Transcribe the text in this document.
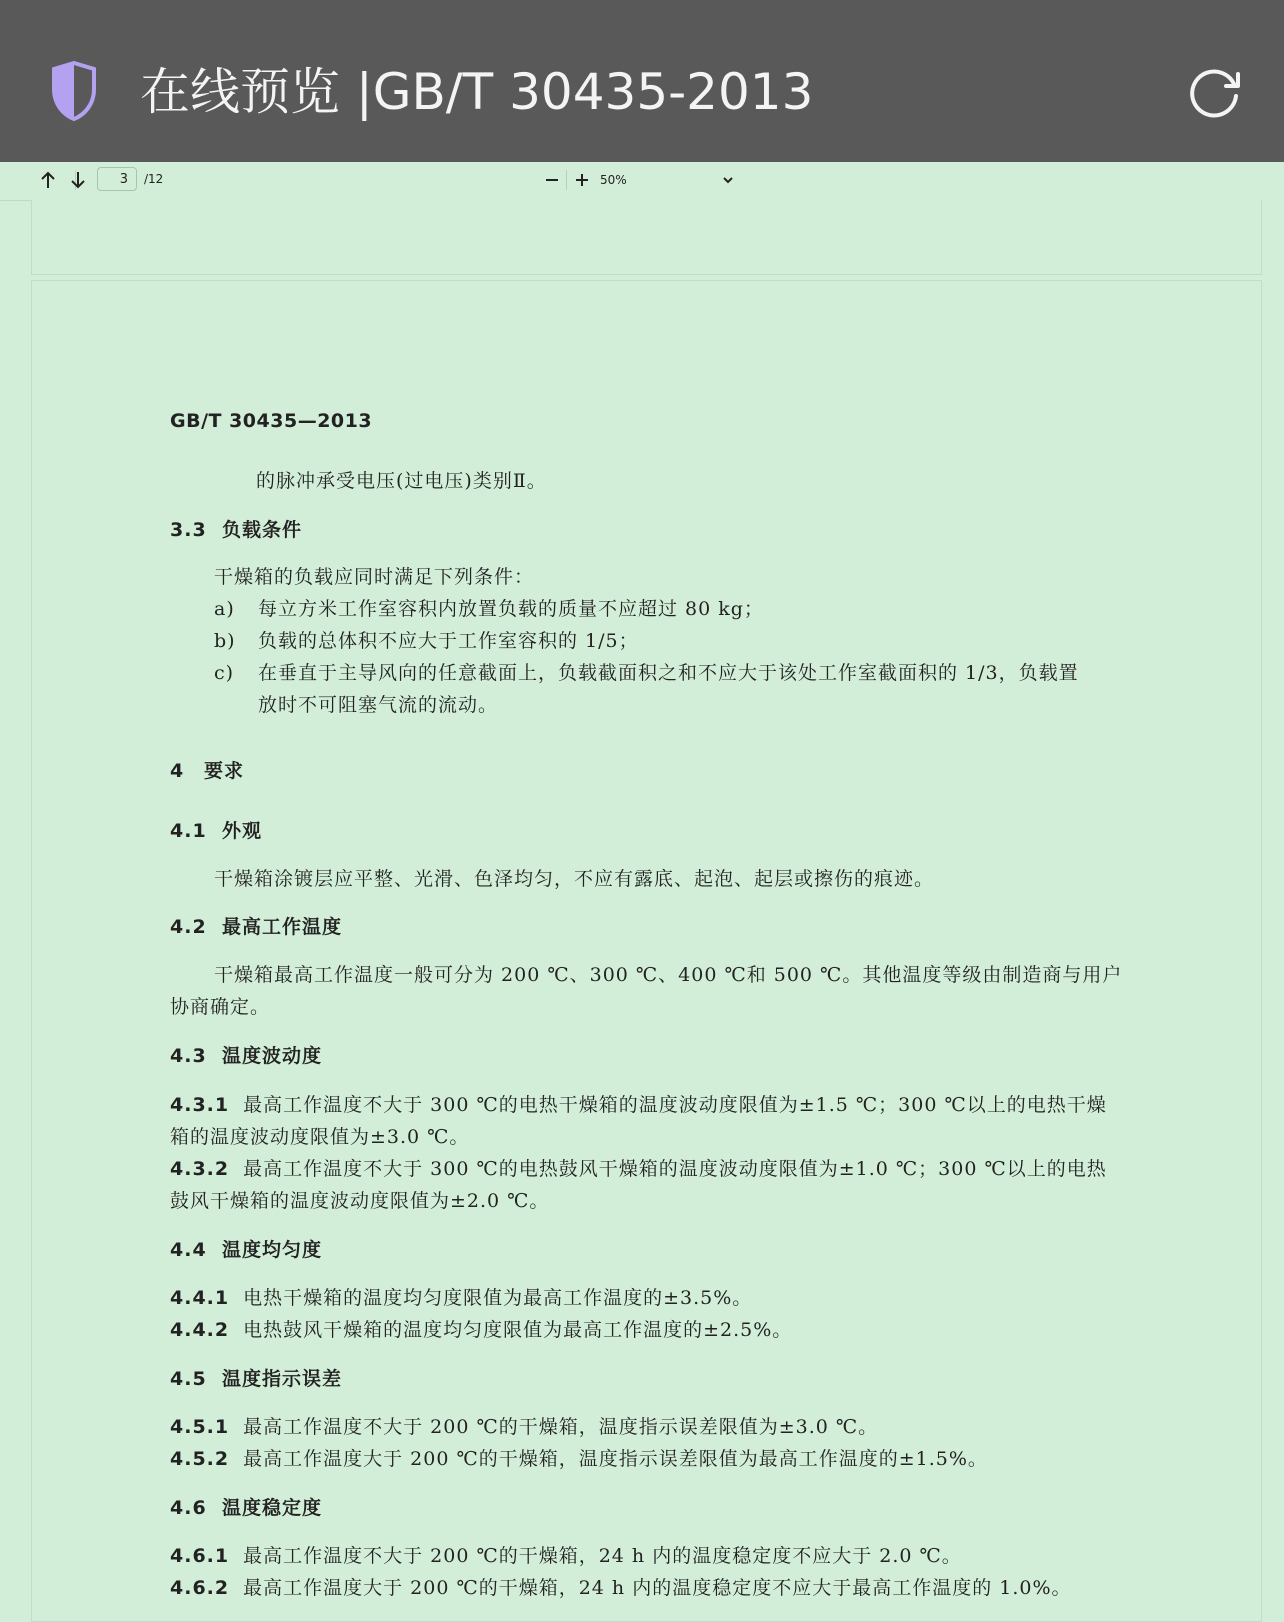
在线预览 |GB/T 30435-2013
3
/12	50%
GB/T 30435—2013
的脉冲承受电压(过电压)类别Ⅱ。
3.3 负载条件
干燥箱的负载应同时满足下列条件：
a) 每立方米工作室容积内放置负载的质量不应超过 80 kg；
b) 负载的总体积不应大于工作室容积的 1/5；
c) 在垂直于主导风向的任意截面上，负载截面积之和不应大于该处工作室截面积的 1/3，负载置
放时不可阻塞气流的流动。
4 要求
4.1 外观
干燥箱涂镀层应平整、光滑、色泽均匀，不应有露底、起泡、起层或擦伤的痕迹。
4.2 最高工作温度
干燥箱最高工作温度一般可分为 200 ℃、300 ℃、400 ℃和 500 ℃。其他温度等级由制造商与用户
协商确定。
4.3 温度波动度
4.3.1 最高工作温度不大于 300 ℃的电热干燥箱的温度波动度限值为±1.5 ℃；300 ℃以上的电热干燥
箱的温度波动度限值为±3.0 ℃。
4.3.2 最高工作温度不大于 300 ℃的电热鼓风干燥箱的温度波动度限值为±1.0 ℃；300 ℃以上的电热
鼓风干燥箱的温度波动度限值为±2.0 ℃。
4.4 温度均匀度
4.4.1 电热干燥箱的温度均匀度限值为最高工作温度的±3.5%。
4.4.2 电热鼓风干燥箱的温度均匀度限值为最高工作温度的±2.5%。
4.5 温度指示误差
4.5.1 最高工作温度不大于 200 ℃的干燥箱，温度指示误差限值为±3.0 ℃。
4.5.2 最高工作温度大于 200 ℃的干燥箱，温度指示误差限值为最高工作温度的±1.5%。
4.6 温度稳定度
4.6.1 最高工作温度不大于 200 ℃的干燥箱，24 h 内的温度稳定度不应大于 2.0 ℃。
4.6.2 最高工作温度大于 200 ℃的干燥箱，24 h 内的温度稳定度不应大于最高工作温度的 1.0%。
